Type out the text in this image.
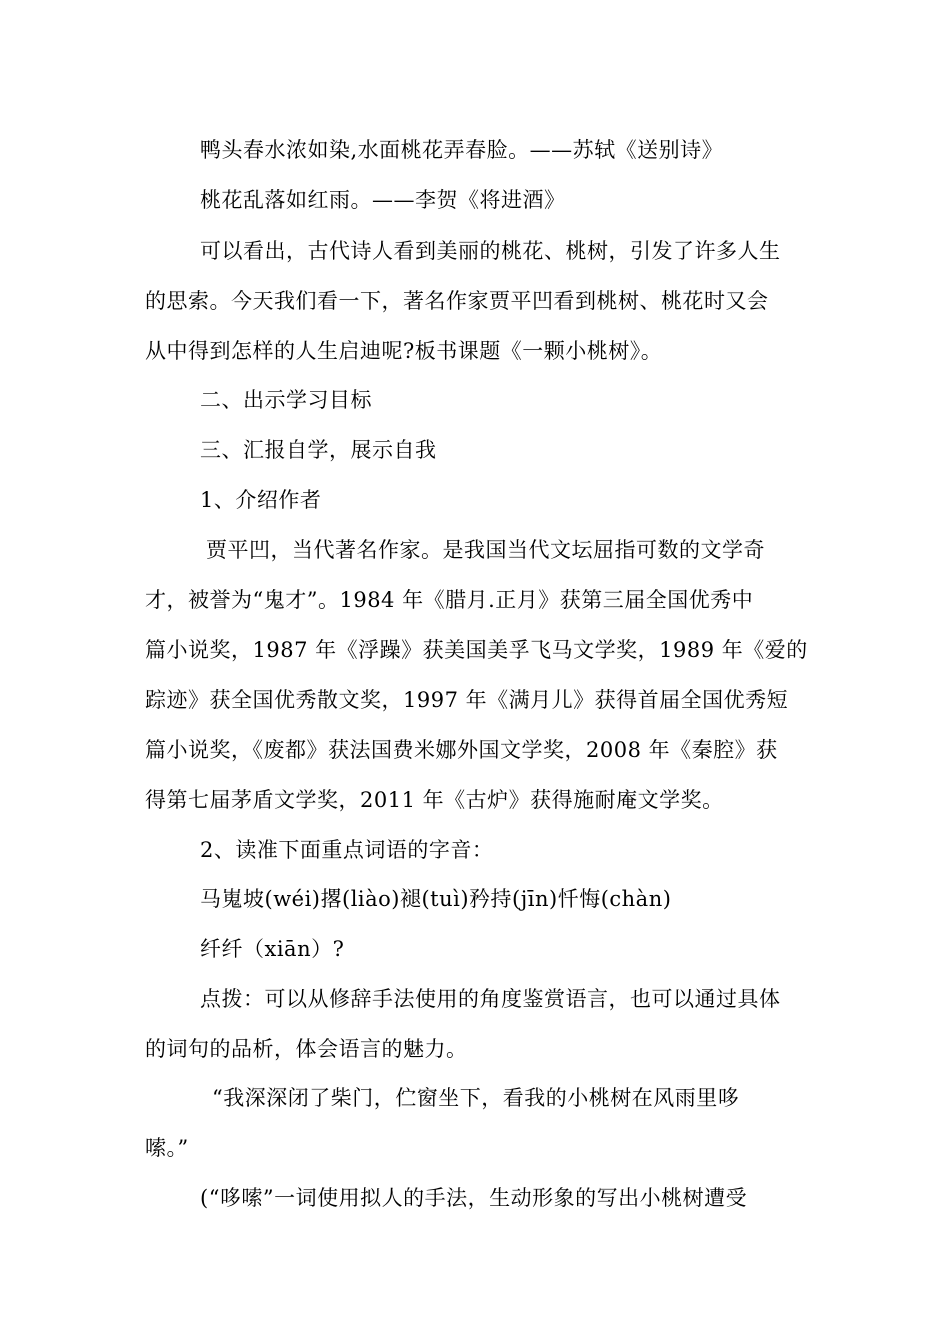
鸭头春水浓如染,水面桃花弄春脸。——苏轼《送别诗》
桃花乱落如红雨。——李贺《将进酒》
可以看出，古代诗人看到美丽的桃花、桃树，引发了许多人生
的思索。今天我们看一下，著名作家贾平凹看到桃树、桃花时又会
从中得到怎样的人生启迪呢?板书课题《一颗小桃树》。
二、出示学习目标
三、汇报自学，展示自我
1、介绍作者
贾平凹，当代著名作家。是我国当代文坛屈指可数的文学奇
才，被誉为“鬼才”。1984 年《腊月.正月》获第三届全国优秀中
篇小说奖，1987 年《浮躁》获美国美孚飞马文学奖，1989 年《爱的
踪迹》获全国优秀散文奖，1997 年《满月儿》获得首届全国优秀短
篇小说奖，《废都》获法国费米娜外国文学奖，2008 年《秦腔》获
得第七届茅盾文学奖，2011 年《古炉》获得施耐庵文学奖。
2、读准下面重点词语的字音：
马嵬坡(wéi)撂(liào)褪(tuì)矜持(jīn)忏悔(chàn)
纤纤（xiān）?
点拨：可以从修辞手法使用的角度鉴赏语言，也可以通过具体
的词句的品析，体会语言的魅力。
“我深深闭了柴门，伫窗坐下，看我的小桃树在风雨里哆
嗦。”
(“哆嗦”一词使用拟人的手法，生动形象的写出小桃树遭受
